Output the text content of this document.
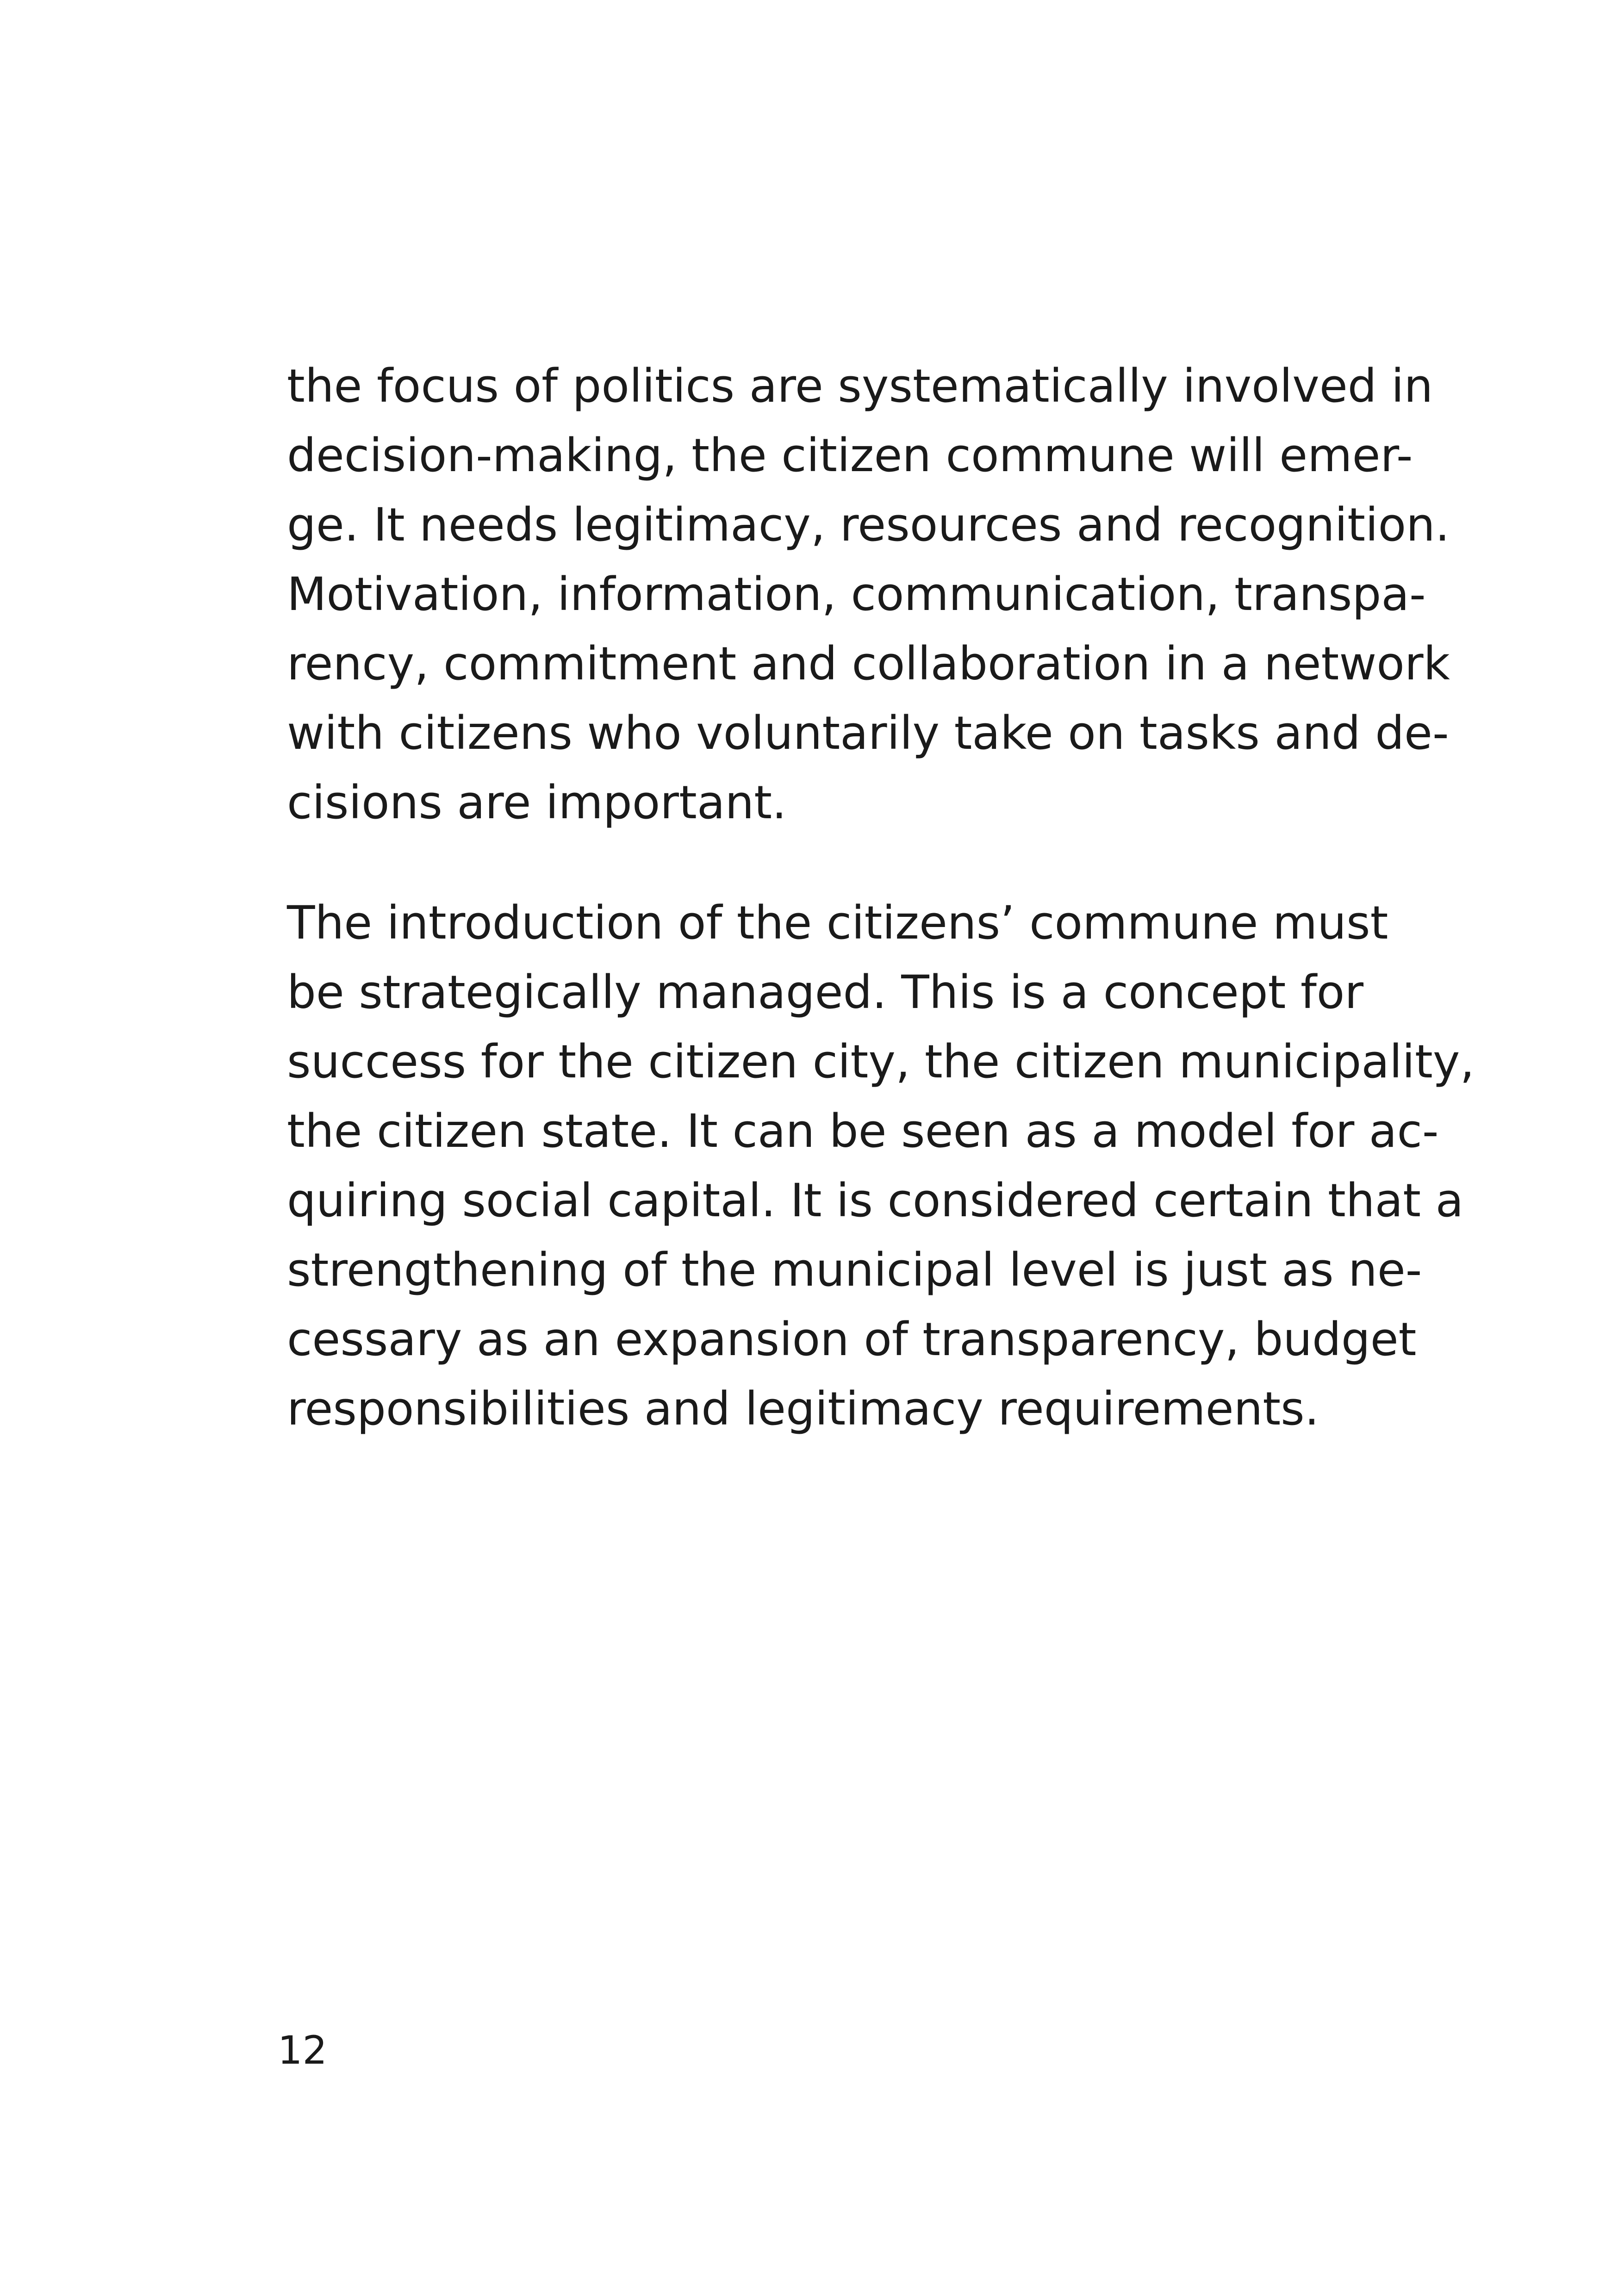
the focus of politics are systematically involved in
decision-making, the citizen commune will emer-
ge. It needs legitimacy, resources and recognition.
Motivation, information, communication, transpa-
rency, commitment and collaboration in a network
with citizens who voluntarily take on tasks and de-
cisions are important.

The introduction of the citizens’ commune must
be strategically managed. This is a concept for
success for the citizen city, the citizen municipality,
the citizen state. It can be seen as a model for ac-
quiring social capital. It is considered certain that a
strengthening of the municipal level is just as ne-
cessary as an expansion of transparency, budget
responsibilities and legitimacy requirements.

12
